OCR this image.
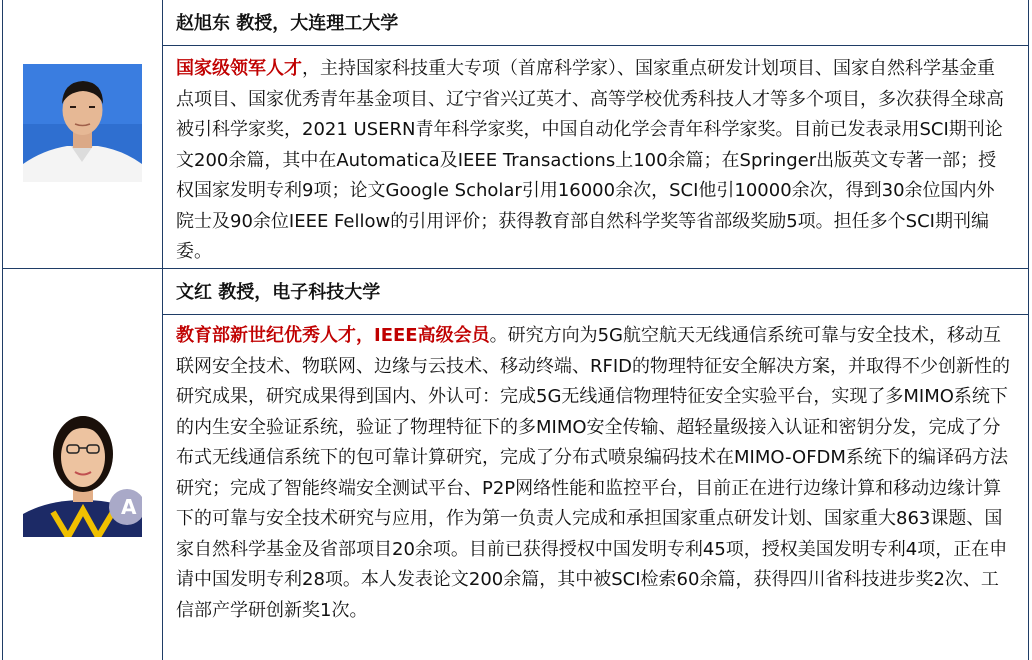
A
赵旭东 教授，大连理工大学
国家级领军人才，主持国家科技重大专项（首席科学家）、国家重点研发计划项目、国家自然科学基金重点项目、国家优秀青年基金项目、辽宁省兴辽英才、高等学校优秀科技人才等多个项目，多次获得全球高被引科学家奖，2021 USERN青年科学家奖，中国自动化学会青年科学家奖。目前已发表录用SCI期刊论文200余篇，其中在Automatica及IEEE Transactions上100余篇；在Springer出版英文专著一部；授权国家发明专利9项；论文Google Scholar引用16000余次，SCI他引10000余次，得到30余位国内外院士及90余位IEEE Fellow的引用评价；获得教育部自然科学奖等省部级奖励5项。担任多个SCI期刊编委。
文红 教授，电子科技大学
教育部新世纪优秀人才，IEEE高级会员。研究方向为5G航空航天无线通信系统可靠与安全技术，移动互联网安全技术、物联网、边缘与云技术、移动终端、RFID的物理特征安全解决方案，并取得不少创新性的研究成果，研究成果得到国内、外认可：完成5G无线通信物理特征安全实验平台，实现了多MIMO系统下的内生安全验证系统，验证了物理特征下的多MIMO安全传输、超轻量级接入认证和密钥分发，完成了分布式无线通信系统下的包可靠计算研究，完成了分布式喷泉编码技术在MIMO-OFDM系统下的编译码方法研究；完成了智能终端安全测试平台、P2P网络性能和监控平台，目前正在进行边缘计算和移动边缘计算下的可靠与安全技术研究与应用，作为第一负责人完成和承担国家重点研发计划、国家重大863课题、国家自然科学基金及省部项目20余项。目前已获得授权中国发明专利45项，授权美国发明专利4项，正在申请中国发明专利28项。本人发表论文200余篇，其中被SCI检索60余篇，获得四川省科技进步奖2次、工信部产学研创新奖1次。
